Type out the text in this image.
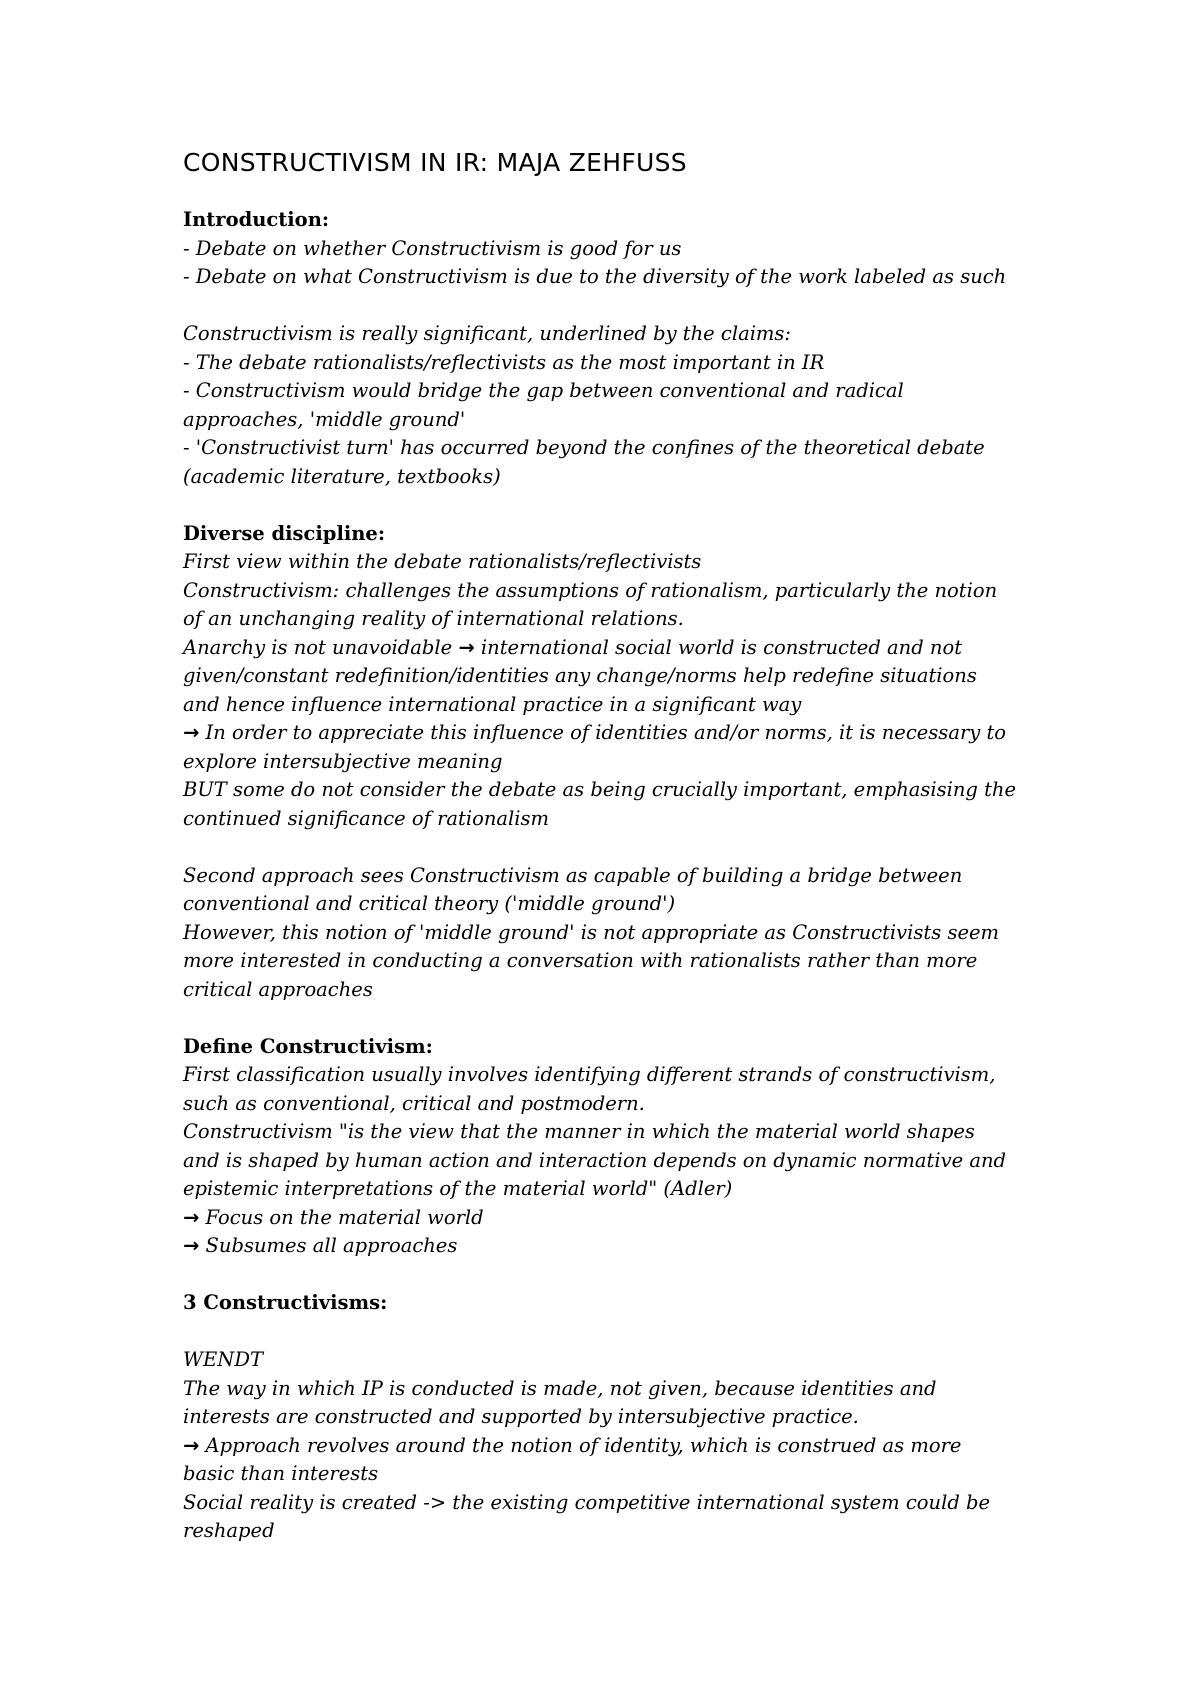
CONSTRUCTIVISM IN IR: MAJA ZEHFUSS

Introduction:

- Debate on whether Constructivism is good for us

- Debate on what Constructivism is due to the diversity of the work labeled as such

Constructivism is really significant, underlined by the claims:

- The debate rationalists/reflectivists as the most important in IR

- Constructivism would bridge the gap between conventional and radical

approaches, 'middle ground'

- 'Constructivist turn' has occurred beyond the confines of the theoretical debate

(academic literature, textbooks)

Diverse discipline:

First view within the debate rationalists/reflectivists

Constructivism: challenges the assumptions of rationalism, particularly the notion

of an unchanging reality of international relations.

Anarchy is not unavoidable → international social world is constructed and not

given/constant redefinition/identities any change/norms help redefine situations

and hence influence international practice in a significant way

→ In order to appreciate this influence of identities and/or norms, it is necessary to

explore intersubjective meaning

BUT some do not consider the debate as being crucially important, emphasising the

continued significance of rationalism

Second approach sees Constructivism as capable of building a bridge between

conventional and critical theory ('middle ground')

However, this notion of 'middle ground' is not appropriate as Constructivists seem

more interested in conducting a conversation with rationalists rather than more

critical approaches

Define Constructivism:

First classification usually involves identifying different strands of constructivism,

such as conventional, critical and postmodern.

Constructivism "is the view that the manner in which the material world shapes

and is shaped by human action and interaction depends on dynamic normative and

epistemic interpretations of the material world" (Adler)

→ Focus on the material world

→ Subsumes all approaches

3 Constructivisms:

WENDT

The way in which IP is conducted is made, not given, because identities and

interests are constructed and supported by intersubjective practice.

→ Approach revolves around the notion of identity, which is construed as more

basic than interests

Social reality is created -> the existing competitive international system could be

reshaped
